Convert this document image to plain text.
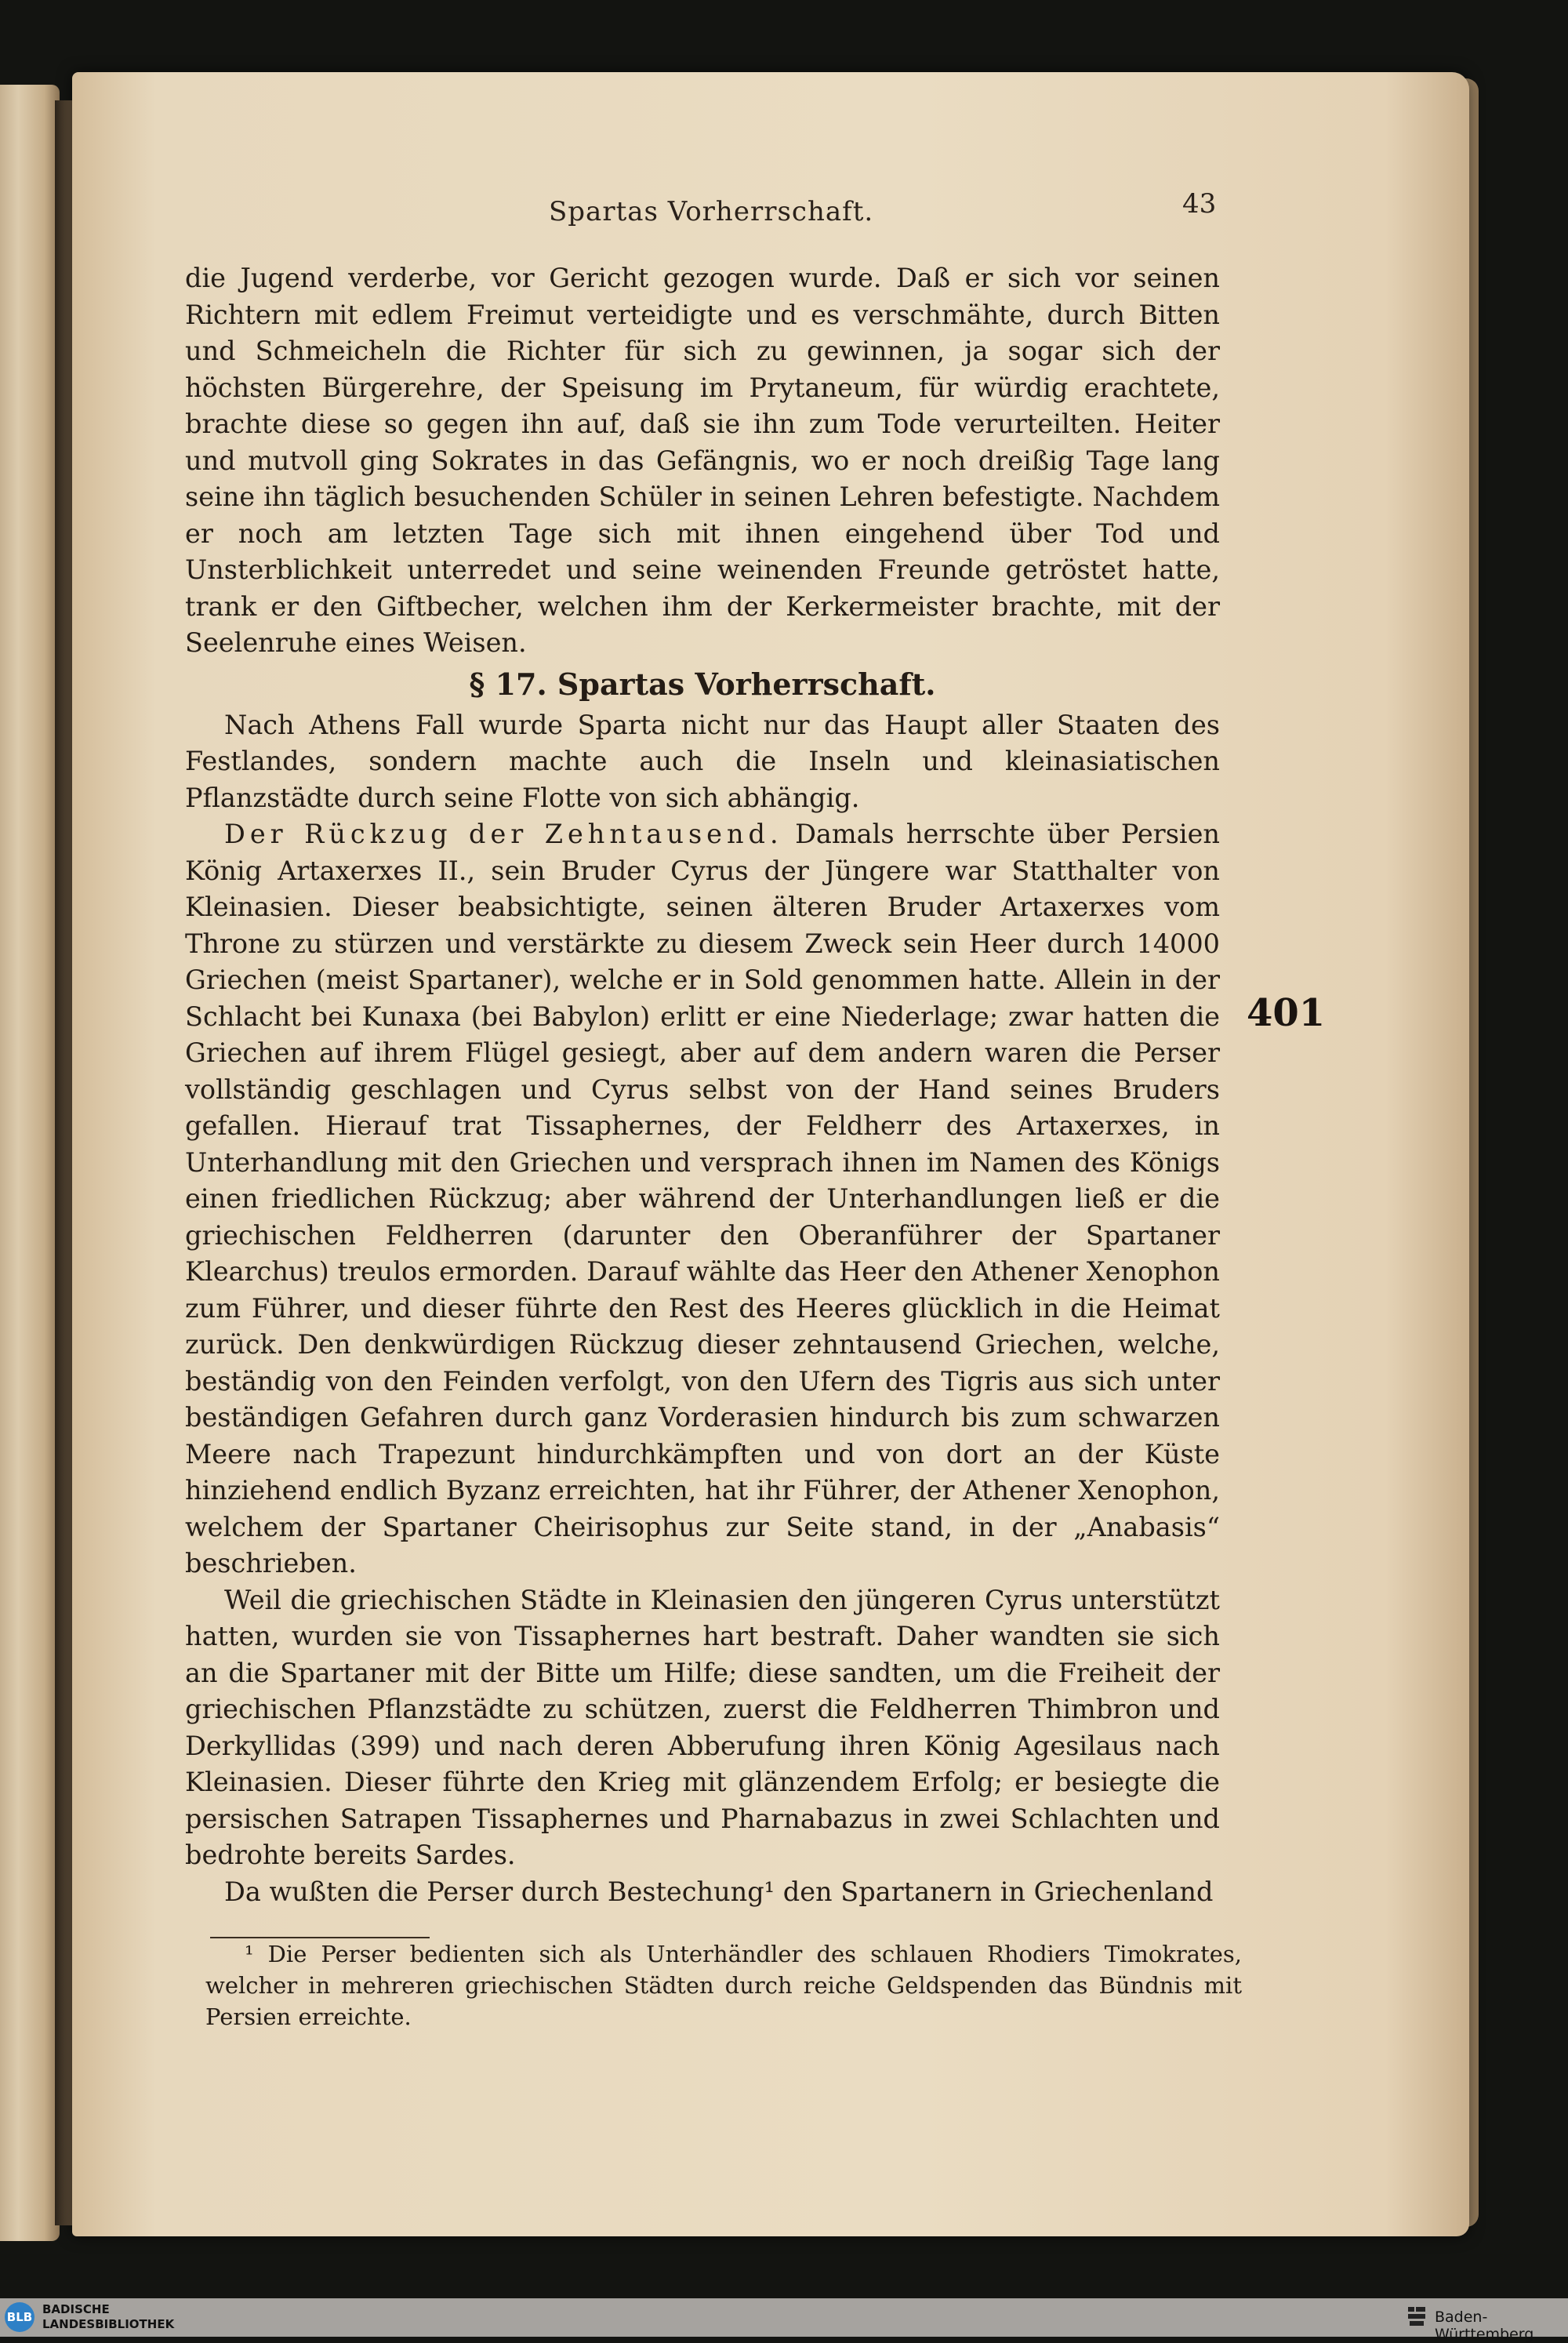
Spartas Vorherrschaft.	43
401

die Jugend verderbe, vor Gericht gezogen wurde. Daß er sich vor seinen Richtern mit edlem Freimut verteidigte und es verschmähte, durch Bitten und Schmeicheln die Richter für sich zu gewinnen, ja sogar sich der höchsten Bürgerehre, der Speisung im Prytaneum, für würdig erachtete, brachte diese so gegen ihn auf, daß sie ihn zum Tode verurteilten. Heiter und mutvoll ging Sokrates in das Gefängnis, wo er noch dreißig Tage lang seine ihn täglich besuchenden Schüler in seinen Lehren befestigte. Nachdem er noch am letzten Tage sich mit ihnen eingehend über Tod und Unsterblichkeit unterredet und seine weinenden Freunde getröstet hatte, trank er den Giftbecher, welchen ihm der Kerkermeister brachte, mit der Seelenruhe eines Weisen.

§ 17. Spartas Vorherrschaft.

Nach Athens Fall wurde Sparta nicht nur das Haupt aller Staaten des Festlandes, sondern machte auch die Inseln und kleinasiatischen Pflanzstädte durch seine Flotte von sich abhängig.

Der Rückzug der Zehntausend. Damals herrschte über Persien König Artaxerxes II., sein Bruder Cyrus der Jüngere war Statthalter von Kleinasien. Dieser beabsichtigte, seinen älteren Bruder Artaxerxes vom Throne zu stürzen und verstärkte zu diesem Zweck sein Heer durch 14000 Griechen (meist Spartaner), welche er in Sold genommen hatte. Allein in der Schlacht bei Kunaxa (bei Babylon) erlitt er eine Niederlage; zwar hatten die Griechen auf ihrem Flügel gesiegt, aber auf dem andern waren die Perser vollständig geschlagen und Cyrus selbst von der Hand seines Bruders gefallen. Hierauf trat Tissaphernes, der Feldherr des Artaxerxes, in Unterhandlung mit den Griechen und versprach ihnen im Namen des Königs einen friedlichen Rückzug; aber während der Unterhandlungen ließ er die griechischen Feldherren (darunter den Oberanführer der Spartaner Klearchus) treulos ermorden. Darauf wählte das Heer den Athener Xenophon zum Führer, und dieser führte den Rest des Heeres glücklich in die Heimat zurück. Den denkwürdigen Rückzug dieser zehntausend Griechen, welche, beständig von den Feinden verfolgt, von den Ufern des Tigris aus sich unter beständigen Gefahren durch ganz Vorderasien hindurch bis zum schwarzen Meere nach Trapezunt hindurchkämpften und von dort an der Küste hinziehend endlich Byzanz erreichten, hat ihr Führer, der Athener Xenophon, welchem der Spartaner Cheirisophus zur Seite stand, in der „Anabasis“ beschrieben.

Weil die griechischen Städte in Kleinasien den jüngeren Cyrus unterstützt hatten, wurden sie von Tissaphernes hart bestraft. Daher wandten sie sich an die Spartaner mit der Bitte um Hilfe; diese sandten, um die Freiheit der griechischen Pflanzstädte zu schützen, zuerst die Feldherren Thimbron und Derkyllidas (399) und nach deren Abberufung ihren König Agesilaus nach Kleinasien. Dieser führte den Krieg mit glänzendem Erfolg; er besiegte die persischen Satrapen Tissaphernes und Pharnabazus in zwei Schlachten und bedrohte bereits Sardes.

Da wußten die Perser durch Bestechung¹ den Spartanern in Griechenland

¹ Die Perser bedienten sich als Unterhändler des schlauen Rhodiers Timokrates, welcher in mehreren griechischen Städten durch reiche Geldspenden das Bündnis mit Persien erreichte.
BLB
BADISCHE
LANDESBIBLIOTHEK	Baden-Württemberg
